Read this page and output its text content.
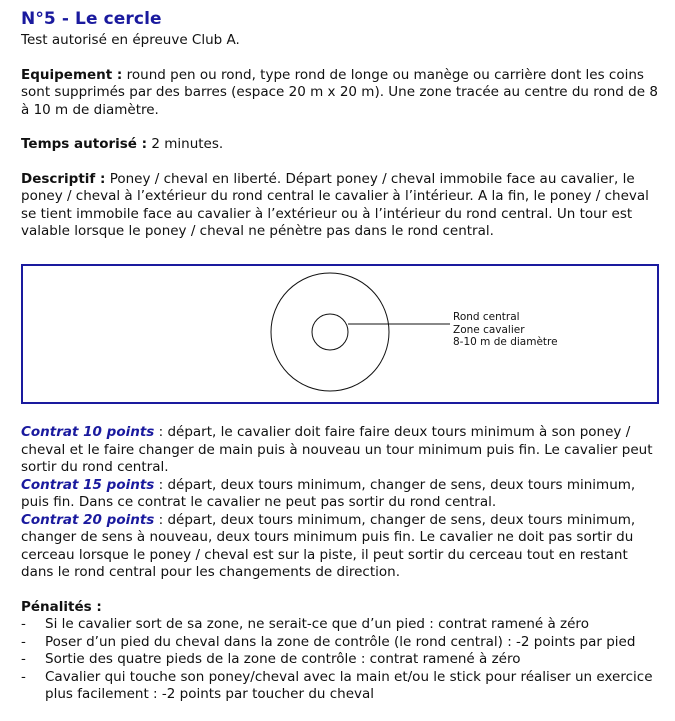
N°5 - Le cercle

Test autorisé en épreuve Club A.

Equipement : round pen ou rond, type rond de longe ou manège ou carrière dont les coins sont supprimés par des barres (espace 20 m x 20 m). Une zone tracée au centre du rond de 8 à 10 m de diamètre.

Temps autorisé : 2 minutes.

Descriptif : Poney / cheval en liberté. Départ poney / cheval immobile face au cavalier, le poney / cheval à l’extérieur du rond central le cavalier à l’intérieur. A la fin, le poney / cheval se tient immobile face au cavalier à l’extérieur ou à l’intérieur du rond central. Un tour est valable lorsque le poney / cheval ne pénètre pas dans le rond central.

Rond central
Zone cavalier
8-10 m de diamètre

Contrat 10 points : départ, le cavalier doit faire faire deux tours minimum à son poney / cheval et le faire changer de main puis à nouveau un tour minimum puis fin. Le cavalier peut sortir du rond central.

Contrat 15 points : départ, deux tours minimum, changer de sens, deux tours minimum, puis fin. Dans ce contrat le cavalier ne peut pas sortir du rond central.

Contrat 20 points : départ, deux tours minimum, changer de sens, deux tours minimum, changer de sens à nouveau, deux tours minimum puis fin. Le cavalier ne doit pas sortir du cerceau lorsque le poney / cheval est sur la piste, il peut sortir du cerceau tout en restant dans le rond central pour les changements de direction.

Pénalités :

- Si le cavalier sort de sa zone, ne serait-ce que d’un pied : contrat ramené à zéro
- Poser d’un pied du cheval dans la zone de contrôle (le rond central) : -2 points par pied
- Sortie des quatre pieds de la zone de contrôle : contrat ramené à zéro
- Cavalier qui touche son poney/cheval avec la main et/ou le stick pour réaliser un exercice plus facilement : -2 points par toucher du cheval
